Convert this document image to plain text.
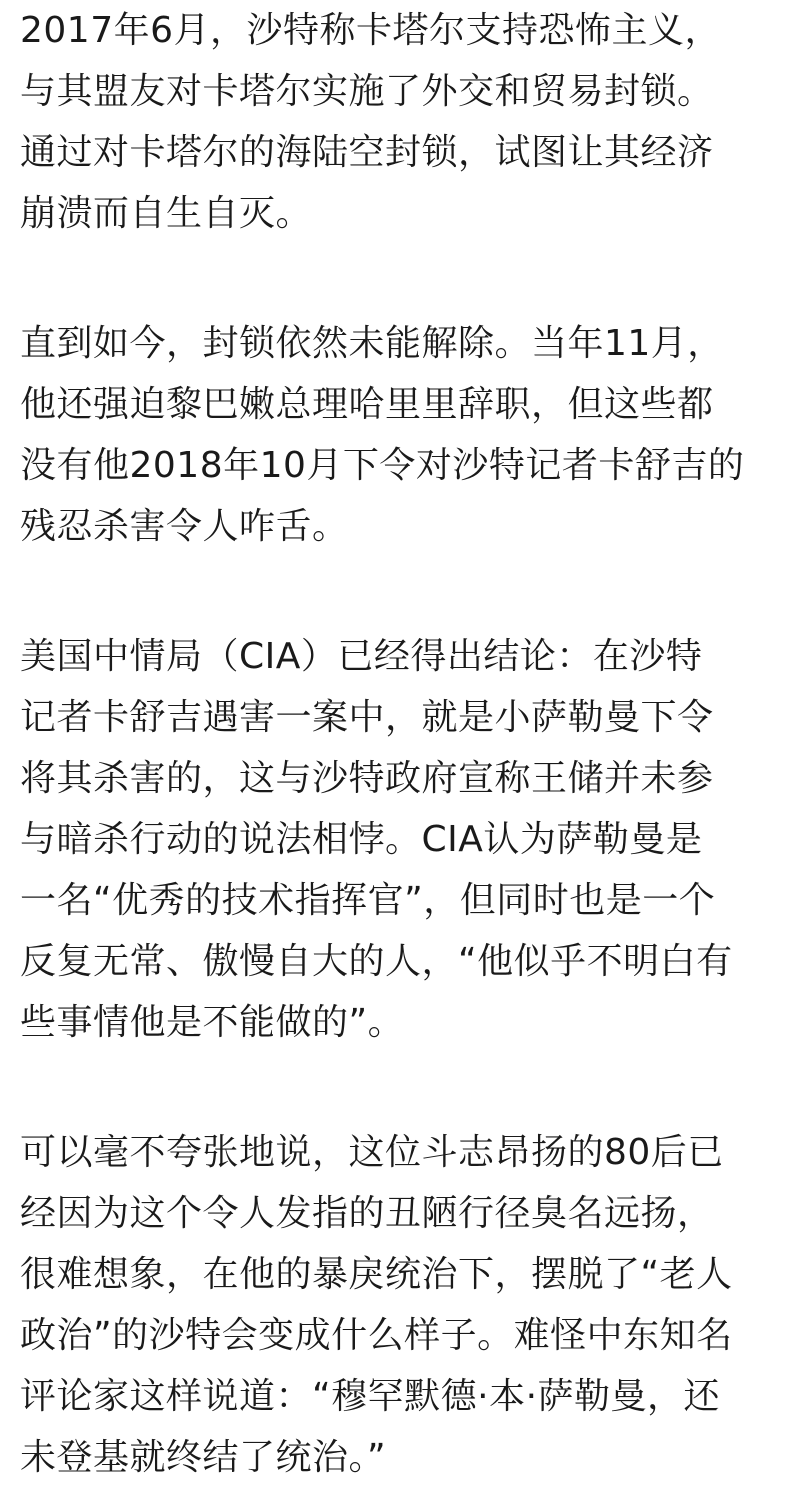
2017年6月，沙特称卡塔尔支持恐怖主义，
与其盟友对卡塔尔实施了外交和贸易封锁。
通过对卡塔尔的海陆空封锁，试图让其经济
崩溃而自生自灭。
直到如今，封锁依然未能解除。当年11月，
他还强迫黎巴嫩总理哈里里辞职，但这些都
没有他2018年10月下令对沙特记者卡舒吉的
残忍杀害令人咋舌。
美国中情局（CIA）已经得出结论：在沙特
记者卡舒吉遇害一案中，就是小萨勒曼下令
将其杀害的，这与沙特政府宣称王储并未参
与暗杀行动的说法相悖。CIA认为萨勒曼是
一名“优秀的技术指挥官”，但同时也是一个
反复无常、傲慢自大的人，“他似乎不明白有
些事情他是不能做的”。
可以毫不夸张地说，这位斗志昂扬的80后已
经因为这个令人发指的丑陋行径臭名远扬，
很难想象，在他的暴戾统治下，摆脱了“老人
政治”的沙特会变成什么样子。难怪中东知名
评论家这样说道：“穆罕默德·本·萨勒曼，还
未登基就终结了统治。”
